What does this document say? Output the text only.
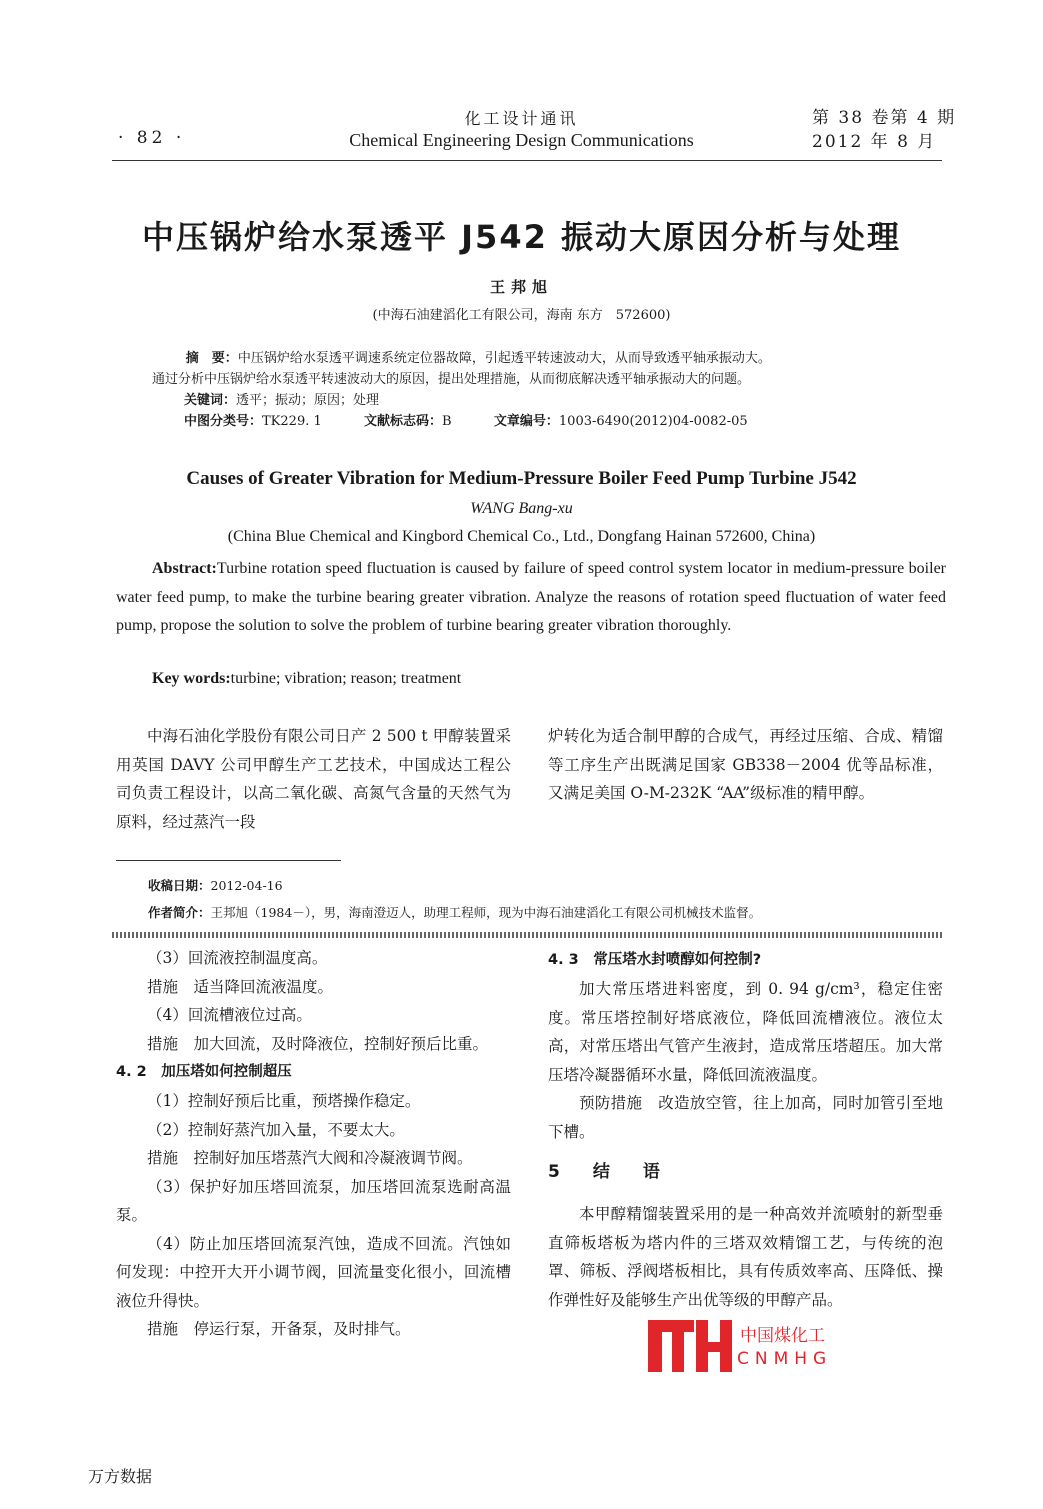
· 82 ·
化工设计通讯
Chemical Engineering Design Communications
第 38 卷第 4 期
2012 年 8 月
中压锅炉给水泵透平 J542 振动大原因分析与处理
王邦旭
(中海石油建滔化工有限公司，海南 东方　572600)

摘　要：中压锅炉给水泵透平调速系统定位器故障，引起透平转速波动大，从而导致透平轴承振动大。

通过分析中压锅炉给水泵透平转速波动大的原因，提出处理措施，从而彻底解决透平轴承振动大的问题。

关键词：透平；振动；原因；处理

中图分类号：TK229. 1	文献标志码：B	文章编号：1003-6490(2012)04-0082-05

Causes of Greater Vibration for Medium-Pressure Boiler Feed Pump Turbine J542
WANG Bang-xu
(China Blue Chemical and Kingbord Chemical Co., Ltd., Dongfang Hainan 572600, China)

Abstract:Turbine rotation speed fluctuation is caused by failure of speed control system locator in medium-pressure boiler water feed pump, to make the turbine bearing greater vibration. Analyze the reasons of rotation speed fluctuation of water feed pump, propose the solution to solve the problem of turbine bearing greater vibration thoroughly.

Key words:turbine; vibration; reason; treatment

中海石油化学股份有限公司日产 2 500 t 甲醇装置采用英国 DAVY 公司甲醇生产工艺技术，中国成达工程公司负责工程设计，以高二氧化碳、高氮气含量的天然气为原料，经过蒸汽一段

炉转化为适合制甲醇的合成气，再经过压缩、合成、精馏等工序生产出既满足国家 GB338－2004 优等品标准，又满足美国 O-M-232K “AA”级标准的精甲醇。

收稿日期：2012-04-16

作者简介：王邦旭（1984－），男，海南澄迈人，助理工程师，现为中海石油建滔化工有限公司机械技术监督。

（3）回流液控制温度高。

措施　适当降回流液温度。

（4）回流槽液位过高。

措施　加大回流，及时降液位，控制好预后比重。

4. 2　加压塔如何控制超压

（1）控制好预后比重，预塔操作稳定。

（2）控制好蒸汽加入量，不要太大。

措施　控制好加压塔蒸汽大阀和冷凝液调节阀。

（3）保护好加压塔回流泵，加压塔回流泵选耐高温泵。

（4）防止加压塔回流泵汽蚀，造成不回流。汽蚀如何发现：中控开大开小调节阀，回流量变化很小，回流槽液位升得快。

措施　停运行泵，开备泵，及时排气。

4. 3　常压塔水封喷醇如何控制?

加大常压塔进料密度，到 0. 94 g/cm³，稳定住密度。常压塔控制好塔底液位，降低回流槽液位。液位太高，对常压塔出气管产生液封，造成常压塔超压。加大常压塔冷凝器循环水量，降低回流液温度。

预防措施　改造放空管，往上加高，同时加管引至地下槽。

5　结　语

本甲醇精馏装置采用的是一种高效并流喷射的新型垂直筛板塔板为塔内件的三塔双效精馏工艺，与传统的泡罩、筛板、浮阀塔板相比，具有传质效率高、压降低、操作弹性好及能够生产出优等级的甲醇产品。

中国煤化工
CNMHG
万方数据
